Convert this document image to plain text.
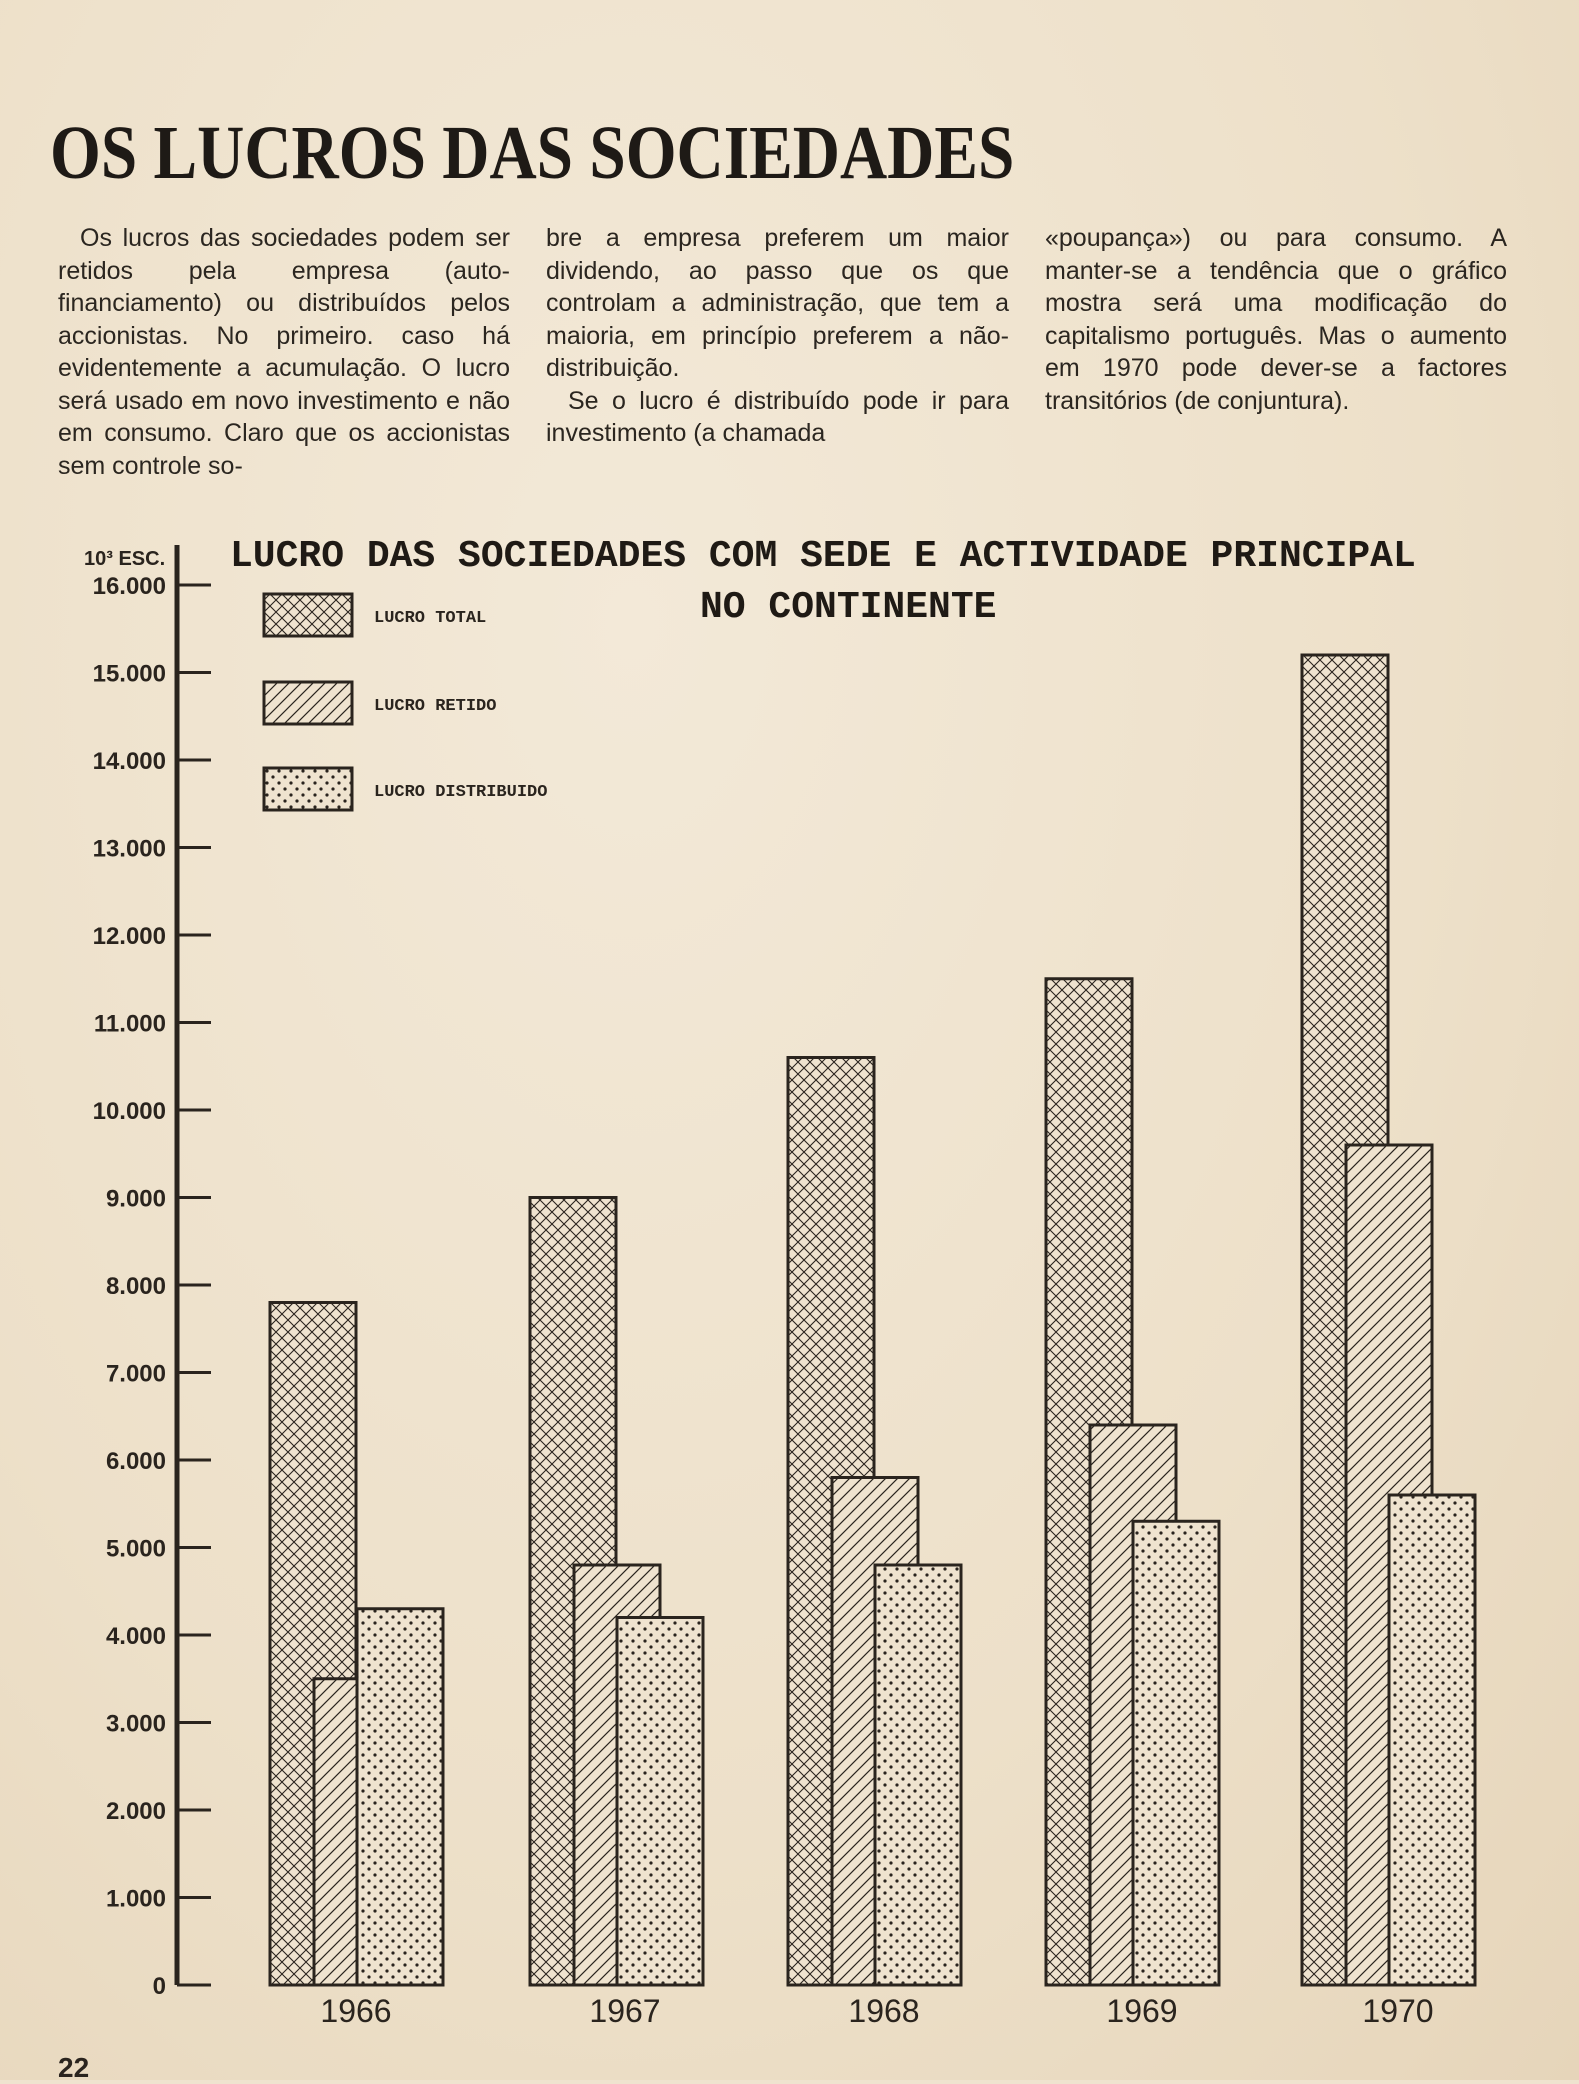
OS LUCROS DAS SOCIEDADES

Os lucros das sociedades podem ser retidos pela empresa (auto-financiamento) ou distribuídos pelos accionistas. No primeiro. caso há evidentemente a acumulação. O lucro será usado em novo investimento e não em consumo. Claro que os accionistas sem controle so-

bre a empresa preferem um maior dividendo, ao passo que os que controlam a administração, que tem a maioria, em princípio preferem a não-distribuição.

Se o lucro é distribuído pode ir para investimento (a chamada

«poupança») ou para consumo. A manter-se a tendência que o gráfico mostra será uma modificação do capitalismo português. Mas o aumento em 1970 pode dever-se a factores transitórios (de conjuntura).

LUCRO DAS SOCIEDADES COM SEDE E ACTIVIDADE PRINCIPAL
NO CONTINENTE
10³ ESC.
0
1.000
2.000
3.000
4.000
5.000
6.000
7.000
8.000
9.000
10.000
11.000
12.000
13.000
14.000
15.000
16.000
1966	1967	1968	1969	1970
LUCRO TOTAL
LUCRO RETIDO
LUCRO DISTRIBUIDO
22
